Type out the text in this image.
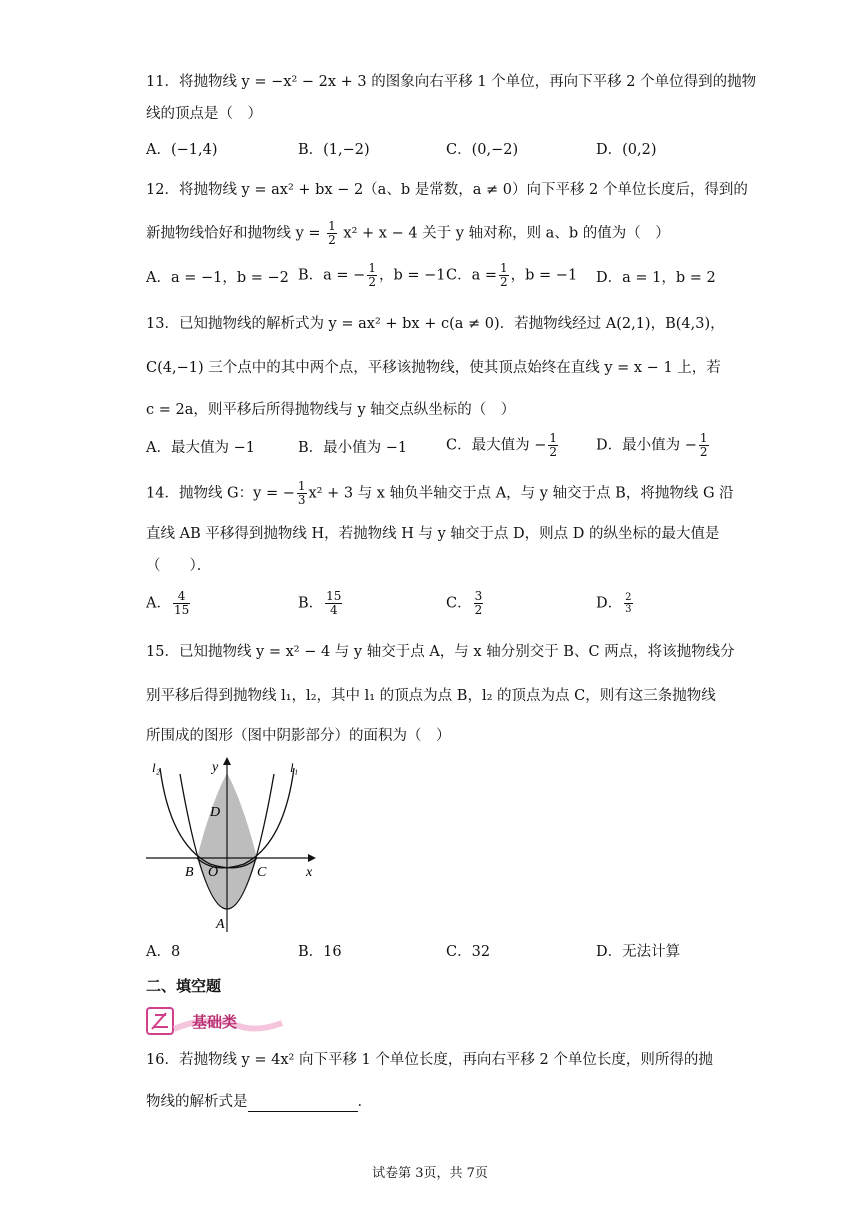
11．将抛物线 y = −x² − 2x + 3 的图象向右平移 1 个单位，再向下平移 2 个单位得到的抛物
线的顶点是（　）
A．(−1,4)	B．(1,−2)	C．(0,−2)	D．(0,2)
12．将抛物线 y = ax² + bx − 2（a、b 是常数，a ≠ 0）向下平移 2 个单位长度后，得到的
新抛物线恰好和抛物线 $y = \frac{1}{2} x^2 + x - 4$ 关于 y 轴对称，则 a、b 的值为（　）
A．a = −1，b = −2 B．a = − $\frac{1}{2}$ ，b = −1 C．$a = \frac{1}{2}$ ，b = −1 D．a = 1，b = 2
13．已知抛物线的解析式为 y = ax² + bx + c(a ≠ 0)．若抛物线经过 A(2,1)，B(4,3)，
C(4,−1) 三个点中的其中两个点，平移该抛物线，使其顶点始终在直线 y = x − 1 上，若
c = 2a，则平移后所得抛物线与 y 轴交点纵坐标的（　）
A．最大值为 −1	B．最小值为 −1	C．最大值为 − $\frac{1}{2}$	D．最小值为 − $\frac{1}{2}$
14．抛物线 G：y = − $\frac{1}{3} x^2 + 3$ 与 x 轴负半轴交于点 A，与 y 轴交于点 B，将抛物线 G 沿
直线 AB 平移得到抛物线 H，若抛物线 H 与 y 轴交于点 D，则点 D 的纵坐标的最大值是
（　　）．
A． $\frac{4}{15}$	B． $\frac{15}{4}$	C． $\frac{3}{2}$	D． $\frac{2}{3}$
15．已知抛物线 y = x² − 4 与 y 轴交于点 A，与 x 轴分别交于 B、C 两点，将该抛物线分
别平移后得到抛物线 l₁，l₂，其中 l₁ 的顶点为点 B，l₂ 的顶点为点 C，则有这三条抛物线
所围成的图形（图中阴影部分）的面积为（　）
l₂	y	l₁
D
B O	C	x
A
A．8	B．16	C．32	D．无法计算
二、填空题
基础类
16．若抛物线 y = 4x² 向下平移 1 个单位长度，再向右平移 2 个单位长度，则所得的抛
物线的解析式是	．
试卷第 3页，共 7页
